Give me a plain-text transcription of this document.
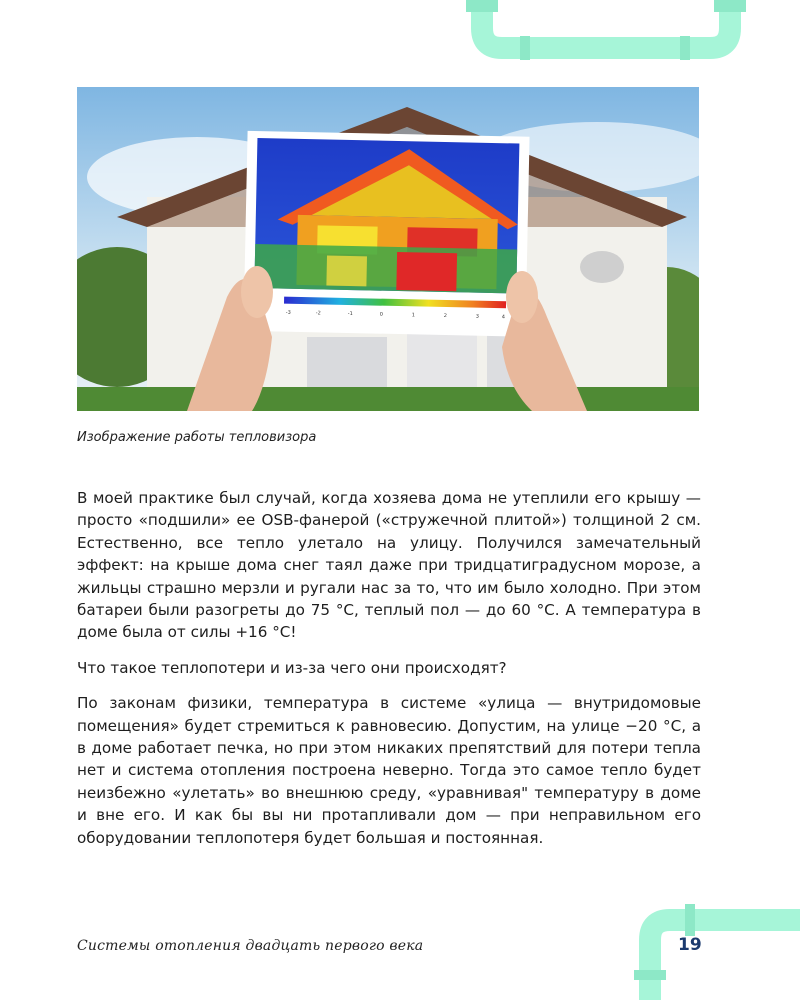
-3	-2	-1	0	1	2	3	4
Изображение работы тепловизора

В моей практике был случай, когда хозяева дома не утеплили его крышу — просто «подшили» ее OSB-фанерой («стружечной плитой») толщиной 2 см. Естественно, все тепло улетало на улицу. Получился замечательный эффект: на крыше дома снег таял даже при тридцатиградусном морозе, а жильцы страшно мерзли и ругали нас за то, что им было холодно. При этом батареи были разогреты до 75 °С, теплый пол — до 60 °С. А температура в доме была от силы +16 °С!

Что такое теплопотери и из-за чего они происходят?

По законам физики, температура в системе «улица — внутридомовые помещения» будет стремиться к равновесию. Допустим, на улице −20 °С, а в доме работает печка, но при этом никаких препятствий для потери тепла нет и система отопления построена неверно. Тогда это самое тепло будет неизбежно «улетать» во внешнюю среду, «уравнивая" температуру в доме и вне его. И как бы вы ни протапливали дом — при неправильном его оборудовании теплопотеря будет большая и постоянная.

Системы отопления двадцать первого века	19
